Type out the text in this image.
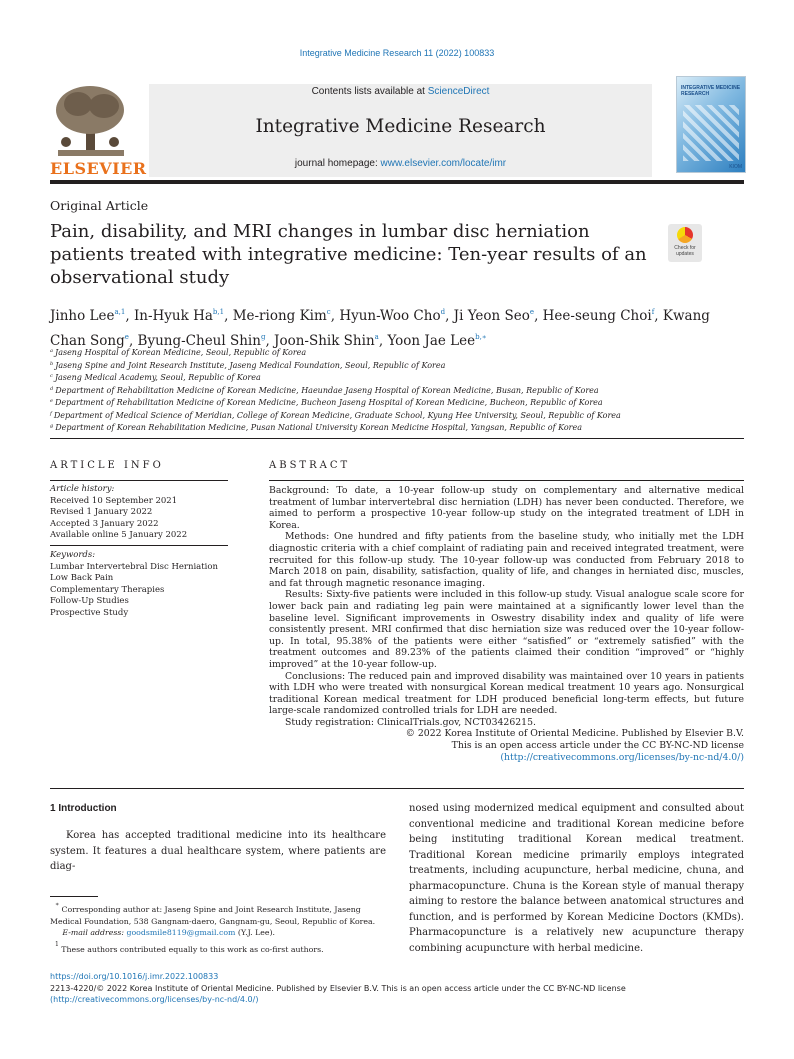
Integrative Medicine Research 11 (2022) 100833
ELSEVIER
Contents lists available at ScienceDirect
Integrative Medicine Research
journal homepage: www.elsevier.com/locate/imr
INTEGRATIVE MEDICINE RESEARCH
KIOM
Original Article
Pain, disability, and MRI changes in lumbar disc herniation patients treated with integrative medicine: Ten-year results of an observational study
Check for updates
Jinho Lee$^{a,1}$, In-Hyuk Ha$^{b,1}$, Me-riong Kim$^c$, Hyun-Woo Cho$^d$, Ji Yeon Seo$^e$, Hee-seung Choi$^f$, Kwang Chan Song$^e$, Byung-Cheul Shin$^g$, Joon-Shik Shin$^a$, Yoon Jae Lee$^{b,∗}$
$^a$ Jaseng Hospital of Korean Medicine, Seoul, Republic of Korea
$^b$ Jaseng Spine and Joint Research Institute, Jaseng Medical Foundation, Seoul, Republic of Korea
$^c$ Jaseng Medical Academy, Seoul, Republic of Korea
$^d$ Department of Rehabilitation Medicine of Korean Medicine, Haeundae Jaseng Hospital of Korean Medicine, Busan, Republic of Korea
$^e$ Department of Rehabilitation Medicine of Korean Medicine, Bucheon Jaseng Hospital of Korean Medicine, Bucheon, Republic of Korea
$^f$ Department of Medical Science of Meridian, College of Korean Medicine, Graduate School, Kyung Hee University, Seoul, Republic of Korea
$^g$ Department of Korean Rehabilitation Medicine, Pusan National University Korean Medicine Hospital, Yangsan, Republic of Korea
ARTICLE INFO
Article history:
Received 10 September 2021
Revised 1 January 2022
Accepted 3 January 2022
Available online 5 January 2022
Keywords:
Lumbar Intervertebral Disc Herniation
Low Back Pain
Complementary Therapies
Follow-Up Studies
Prospective Study
ABSTRACT

Background: To date, a 10-year follow-up study on complementary and alternative medical treatment of lumbar intervertebral disc herniation (LDH) has never been conducted. Therefore, we aimed to perform a prospective 10-year follow-up study on the integrated treatment of LDH in Korea.

Methods: One hundred and fifty patients from the baseline study, who initially met the LDH diagnostic criteria with a chief complaint of radiating pain and received integrated treatment, were recruited for this follow-up study. The 10-year follow-up was conducted from February 2018 to March 2018 on pain, disability, satisfaction, quality of life, and changes in herniated disc, muscles, and fat through magnetic resonance imaging.

Results: Sixty-five patients were included in this follow-up study. Visual analogue scale score for lower back pain and radiating leg pain were maintained at a significantly lower level than the baseline level. Significant improvements in Oswestry disability index and quality of life were consistently present. MRI confirmed that disc herniation size was reduced over the 10-year follow-up. In total, 95.38% of the patients were either “satisfied” or “extremely satisfied” with the treatment outcomes and 89.23% of the patients claimed their condition “improved” or “highly improved” at the 10-year follow-up.

Conclusions: The reduced pain and improved disability was maintained over 10 years in patients with LDH who were treated with nonsurgical Korean medical treatment 10 years ago. Nonsurgical traditional Korean medical treatment for LDH produced beneficial long-term effects, but future large-scale randomized controlled trials for LDH are needed.

Study registration: ClinicalTrials.gov, NCT03426215.

© 2022 Korea Institute of Oriental Medicine. Published by Elsevier B.V.
This is an open access article under the CC BY-NC-ND license
(http://creativecommons.org/licenses/by-nc-nd/4.0/)
1 Introduction
Korea has accepted traditional medicine into its healthcare system. It features a dual healthcare system, where patients are diag-
nosed using modernized medical equipment and consulted about conventional medicine and traditional Korean medicine before being instituting traditional Korean medical treatment. Traditional Korean medicine primarily employs integrated treatments, including acupuncture, herbal medicine, chuna, and pharmacopuncture. Chuna is the Korean style of manual therapy aiming to restore the balance between anatomical structures and function, and is performed by Korean Medicine Doctors (KMDs). Pharmacopuncture is a relatively new acupuncture therapy combining acupuncture with herbal medicine.

∗ Corresponding author at: Jaseng Spine and Joint Research Institute, Jaseng Medical Foundation, 538 Gangnam-daero, Gangnam-gu, Seoul, Republic of Korea.

E-mail address: goodsmile8119@gmail.com (Y.J. Lee).

$^1$ These authors contributed equally to this work as co-first authors.

https://doi.org/10.1016/j.imr.2022.100833

2213-4220/© 2022 Korea Institute of Oriental Medicine. Published by Elsevier B.V. This is an open access article under the CC BY-NC-ND license

(http://creativecommons.org/licenses/by-nc-nd/4.0/)
